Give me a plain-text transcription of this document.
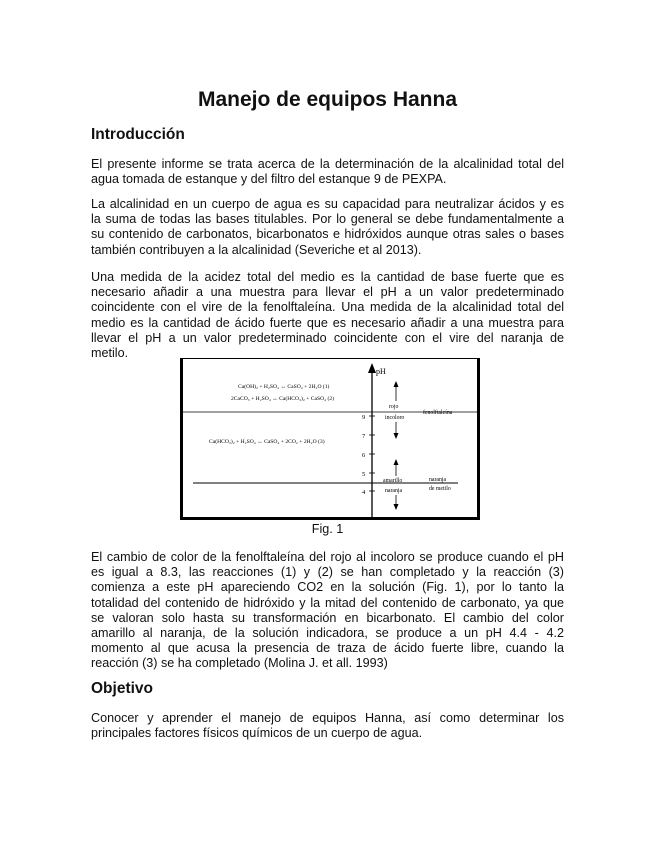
Manejo de equipos Hanna
Introducción

El presente informe se trata acerca de la determinación de la alcalinidad total del
agua tomada de estanque y del filtro del estanque 9 de PEXPA.

La alcalinidad en un cuerpo de agua es su capacidad para neutralizar ácidos y es
la suma de todas las bases titulables. Por lo general se debe fundamentalmente a
su contenido de carbonatos, bicarbonatos e hidróxidos aunque otras sales o bases
también contribuyen a la alcalinidad (Severiche et al 2013).

Una medida de la acidez total del medio es la cantidad de base fuerte que es
necesario añadir a una muestra para llevar el pH a un valor predeterminado
coincidente con el vire de la fenolftaleína. Una medida de la alcalinidad total del
medio es la cantidad de ácido fuerte que es necesario añadir a una muestra para
llevar el pH a un valor predeterminado coincidente con el vire del naranja de
metilo.

pH
9
7
6
5
4
Ca(OH)₂ + H₂SO₄ ↔ CaSO₄ + 2H₂O (1)
2CaCO₃ + H₂SO₄ ↔ Ca(HCO₃)₂ + CaSO₄ (2)
Ca(HCO₃)₂ + H₂SO₄ ↔ CaSO₄ + 2CO₂ + 2H₂O (3)
rojo
incoloro
fenolftaleína
amarillo
naranja
naranja
de metilo
Fig. 1

El cambio de color de la fenolftaleína del rojo al incoloro se produce cuando el pH
es igual a 8.3, las reacciones (1) y (2) se han completado y la reacción (3)
comienza a este pH apareciendo CO2 en la solución (Fig. 1), por lo tanto la
totalidad del contenido de hidróxido y la mitad del contenido de carbonato, ya que
se valoran solo hasta su transformación en bicarbonato. El cambio del color
amarillo al naranja, de la solución indicadora, se produce a un pH 4.4 - 4.2
momento al que acusa la presencia de traza de ácido fuerte libre, cuando la
reacción (3) se ha completado (Molina J. et all. 1993)

Objetivo

Conocer y aprender el manejo de equipos Hanna, así como determinar los
principales factores físicos químicos de un cuerpo de agua.
